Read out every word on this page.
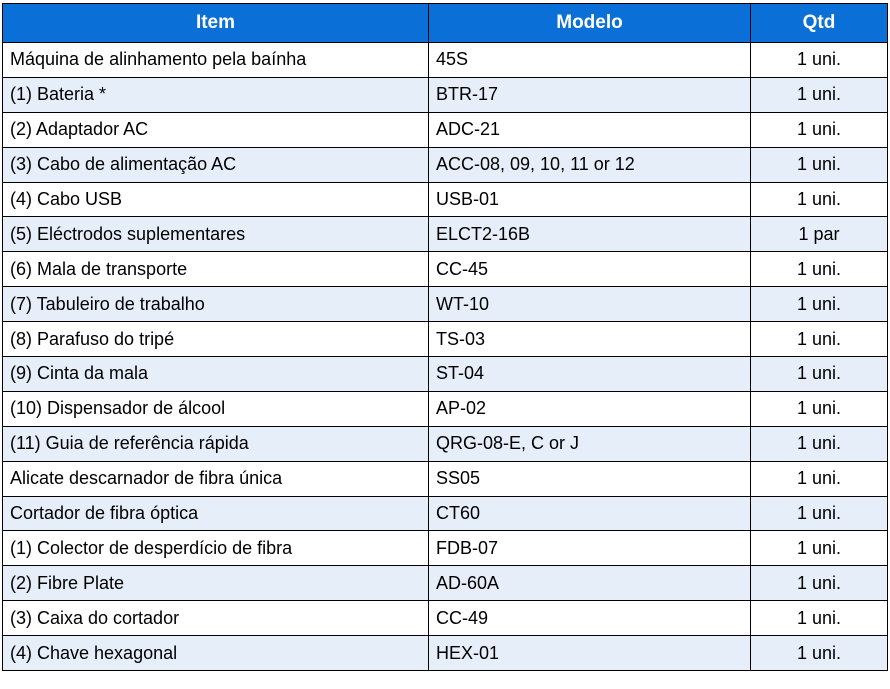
Item	Modelo	Qtd
Máquina de alinhamento pela baínha	45S	1 uni.
(1) Bateria *	BTR-17	1 uni.
(2) Adaptador AC	ADC-21	1 uni.
(3) Cabo de alimentação AC	ACC-08, 09, 10, 11 or 12	1 uni.
(4) Cabo USB	USB-01	1 uni.
(5) Eléctrodos suplementares	ELCT2-16B	1 par
(6) Mala de transporte	CC-45	1 uni.
(7) Tabuleiro de trabalho	WT-10	1 uni.
(8) Parafuso do tripé	TS-03	1 uni.
(9) Cinta da mala	ST-04	1 uni.
(10) Dispensador de álcool	AP-02	1 uni.
(11) Guia de referência rápida	QRG-08-E, C or J	1 uni.
Alicate descarnador de fibra única	SS05	1 uni.
Cortador de fibra óptica	CT60	1 uni.
(1) Colector de desperdício de fibra	FDB-07	1 uni.
(2) Fibre Plate	AD-60A	1 uni.
(3) Caixa do cortador	CC-49	1 uni.
(4) Chave hexagonal	HEX-01	1 uni.
